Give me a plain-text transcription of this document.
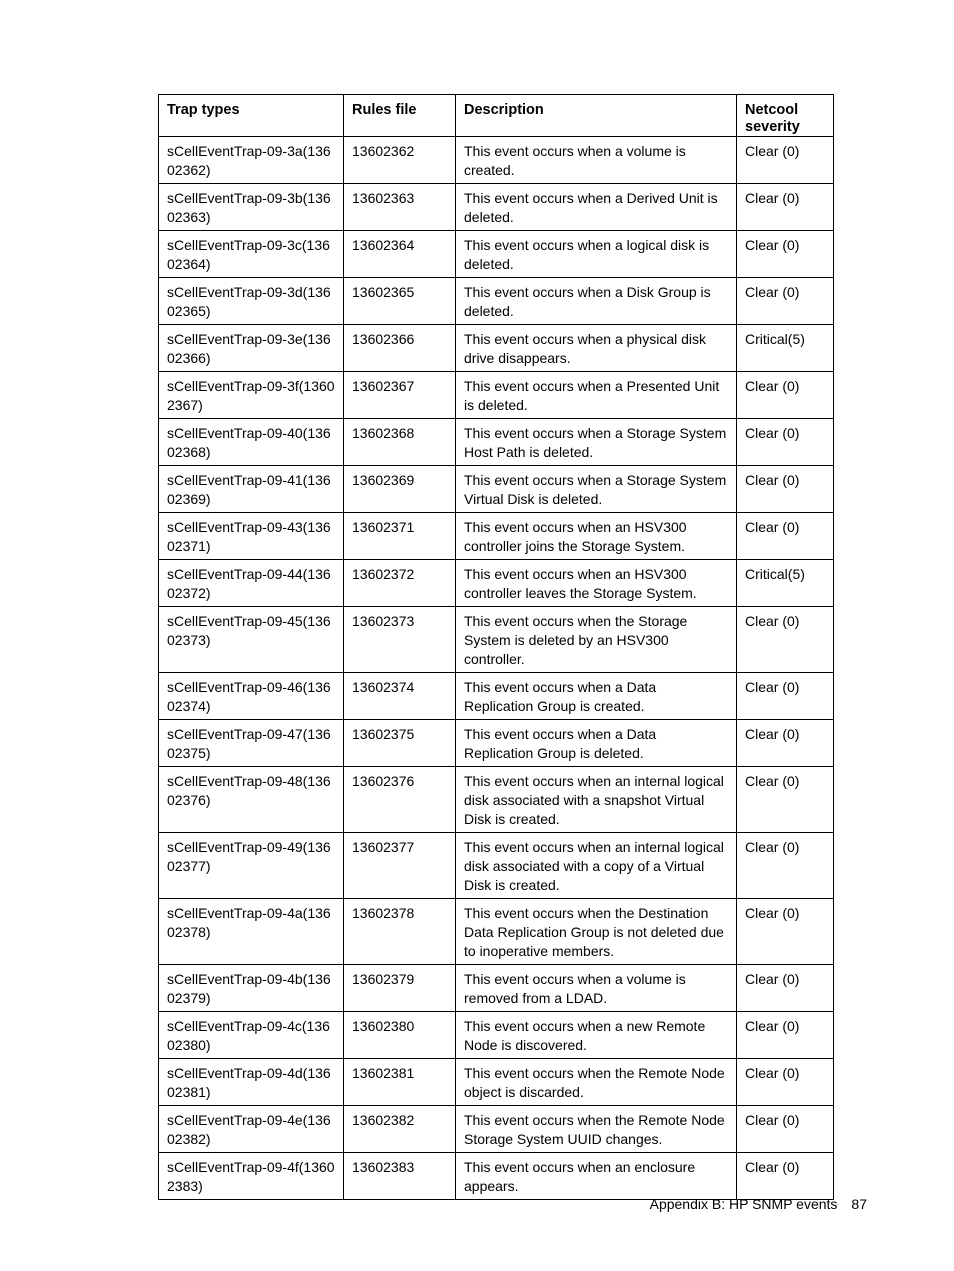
Trap types	Rules file	Description	Netcool severity
sCellEventTrap-09-3a(13602362)	13602362	This event occurs when a volume is created.	Clear (0)
sCellEventTrap-09-3b(13602363)	13602363	This event occurs when a Derived Unit is deleted.	Clear (0)
sCellEventTrap-09-3c(13602364)	13602364	This event occurs when a logical disk is deleted.	Clear (0)
sCellEventTrap-09-3d(13602365)	13602365	This event occurs when a Disk Group is deleted.	Clear (0)
sCellEventTrap-09-3e(13602366)	13602366	This event occurs when a physical disk drive disappears.	Critical(5)
sCellEventTrap-09-3f(13602367)	13602367	This event occurs when a Presented Unit is deleted.	Clear (0)
sCellEventTrap-09-40(13602368)	13602368	This event occurs when a Storage System Host Path is deleted.	Clear (0)
sCellEventTrap-09-41(13602369)	13602369	This event occurs when a Storage System Virtual Disk is deleted.	Clear (0)
sCellEventTrap-09-43(13602371)	13602371	This event occurs when an HSV300 controller joins the Storage System.	Clear (0)
sCellEventTrap-09-44(13602372)	13602372	This event occurs when an HSV300 controller leaves the Storage System.	Critical(5)
sCellEventTrap-09-45(13602373)	13602373	This event occurs when the Storage System is deleted by an HSV300 controller.	Clear (0)
sCellEventTrap-09-46(13602374)	13602374	This event occurs when a Data Replication Group is created.	Clear (0)
sCellEventTrap-09-47(13602375)	13602375	This event occurs when a Data Replication Group is deleted.	Clear (0)
sCellEventTrap-09-48(13602376)	13602376	This event occurs when an internal logical disk associated with a snapshot Virtual Disk is created.	Clear (0)
sCellEventTrap-09-49(13602377)	13602377	This event occurs when an internal logical disk associated with a copy of a Virtual Disk is created.	Clear (0)
sCellEventTrap-09-4a(13602378)	13602378	This event occurs when the Destination Data Replication Group is not deleted due to inoperative members.	Clear (0)
sCellEventTrap-09-4b(13602379)	13602379	This event occurs when a volume is removed from a LDAD.	Clear (0)
sCellEventTrap-09-4c(13602380)	13602380	This event occurs when a new Remote Node is discovered.	Clear (0)
sCellEventTrap-09-4d(13602381)	13602381	This event occurs when the Remote Node object is discarded.	Clear (0)
sCellEventTrap-09-4e(13602382)	13602382	This event occurs when the Remote Node Storage System UUID changes.	Clear (0)
sCellEventTrap-09-4f(13602383)	13602383	This event occurs when an enclosure appears.	Clear (0)
Appendix B: HP SNMP events 87
